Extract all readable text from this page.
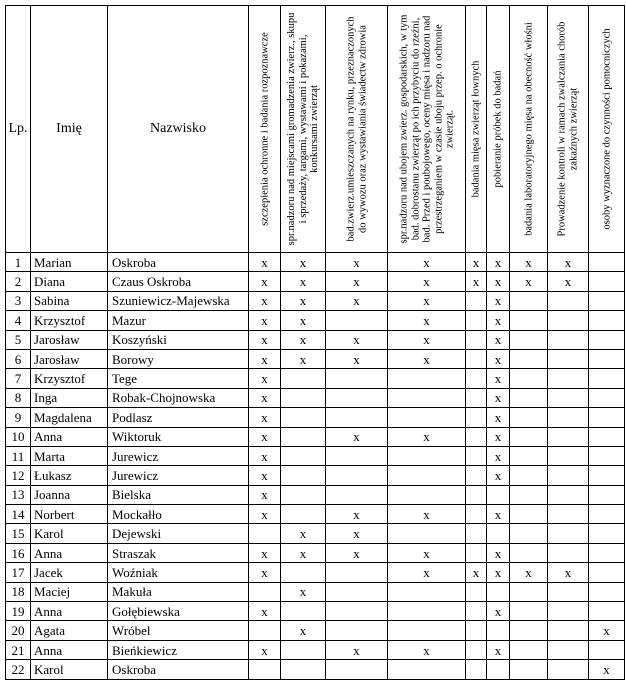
Lp.	Imię	Nazwisko	szczepienia ochronne i badania rozpoznawcze	spr.nadzoru nad miejscami gromadzenia zwierz., skupu i sprzedaży, targami, wystawami i pokazami, konkursami zwierząt	bad.zwierz.umieszczanych na rynku, przeznaczonych do wywozu oraz wystawiania świadectw zdrowia	spr.nadzoru nad ubojem zwierz. gospodarskich, w tym bad. dobrostanu zwierząt po ich przybyciu do rzeźni, bad. Przed i poubojowego, oceny mięsa i nadzoru nad przestrzeganiem w czasie uboju przep. o ochronie zwierząt.	badania mięsa zwierząt łownych	pobieranie próbek do badań	badania laboratoryjnego mięsa na obecność włośni	Prowadzenie kontroli w ramach zwalczania chorób zakaźnych zwierząt	osoby wyznaczone do czynności pomocniczych

1	Marian	Oskroba	x	x	x	x	x	x	x	x	
2	Diana	Czaus Oskroba	x	x	x	x	x	x	x	x	
3	Sabina	Szuniewicz-Majewska	x	x	x	x		x			
4	Krzysztof	Mazur	x	x		x		x			
5	Jarosław	Koszyński	x	x	x	x		x			
6	Jarosław	Borowy	x	x	x	x		x			
7	Krzysztof	Tege	x					x			
8	Inga	Robak-Chojnowska	x					x			
9	Magdalena	Podlasz	x					x			
10	Anna	Wiktoruk	x		x	x		x			
11	Marta	Jurewicz	x					x			
12	Łukasz	Jurewicz	x					x			
13	Joanna	Bielska	x								
14	Norbert	Mockałło	x		x	x		x			
15	Karol	Dejewski		x	x						
16	Anna	Straszak	x	x	x	x		x			
17	Jacek	Woźniak	x			x	x	x	x	x	
18	Maciej	Makuła		x							
19	Anna	Gołębiewska	x					x			
20	Agata	Wróbel		x							x
21	Anna	Bieńkiewicz	x		x	x		x			
22	Karol	Oskroba									x
